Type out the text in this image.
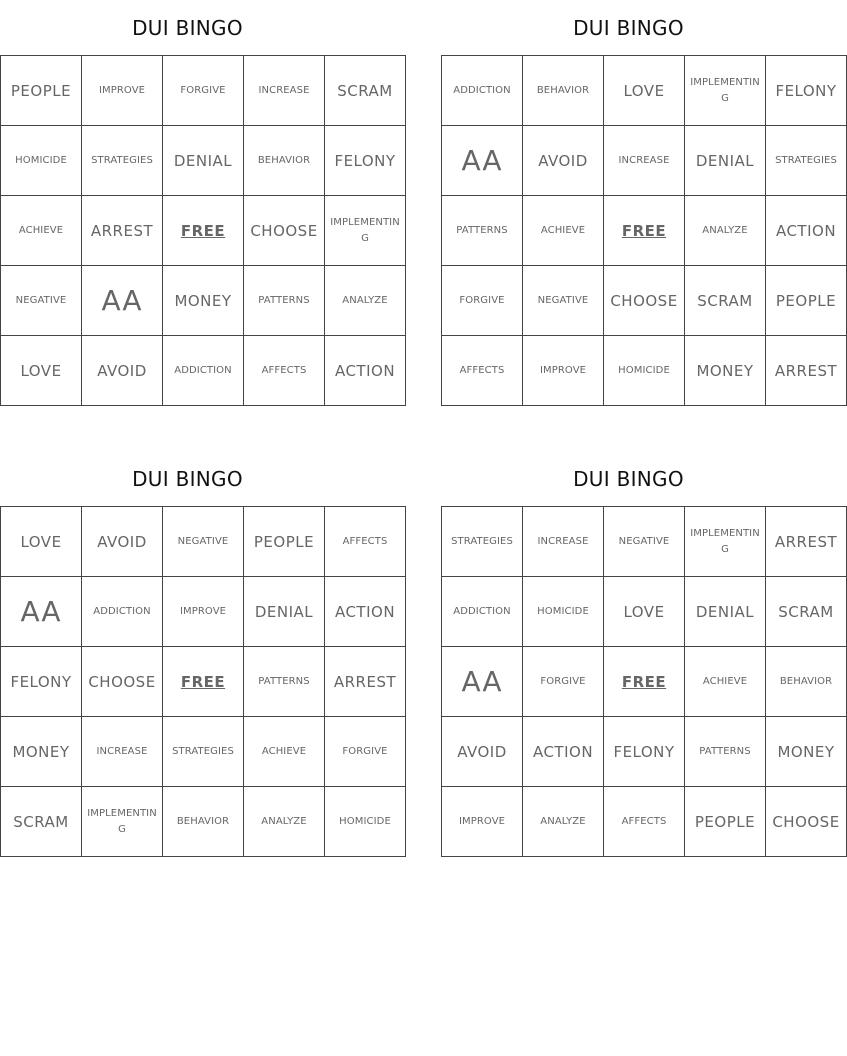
DUI BINGO
PEOPLE	IMPROVE	FORGIVE	INCREASE	SCRAM
HOMICIDE	STRATEGIES	DENIAL	BEHAVIOR	FELONY
ACHIEVE	ARREST	FREE	CHOOSE	IMPLEMENTING
NEGATIVE	AA	MONEY	PATTERNS	ANALYZE
LOVE	AVOID	ADDICTION	AFFECTS	ACTION
DUI BINGO
ADDICTION	BEHAVIOR	LOVE	IMPLEMENTING	FELONY
AA	AVOID	INCREASE	DENIAL	STRATEGIES
PATTERNS	ACHIEVE	FREE	ANALYZE	ACTION
FORGIVE	NEGATIVE	CHOOSE	SCRAM	PEOPLE
AFFECTS	IMPROVE	HOMICIDE	MONEY	ARREST
DUI BINGO
LOVE	AVOID	NEGATIVE	PEOPLE	AFFECTS
AA	ADDICTION	IMPROVE	DENIAL	ACTION
FELONY	CHOOSE	FREE	PATTERNS	ARREST
MONEY	INCREASE	STRATEGIES	ACHIEVE	FORGIVE
SCRAM	IMPLEMENTING	BEHAVIOR	ANALYZE	HOMICIDE
DUI BINGO
STRATEGIES	INCREASE	NEGATIVE	IMPLEMENTING	ARREST
ADDICTION	HOMICIDE	LOVE	DENIAL	SCRAM
AA	FORGIVE	FREE	ACHIEVE	BEHAVIOR
AVOID	ACTION	FELONY	PATTERNS	MONEY
IMPROVE	ANALYZE	AFFECTS	PEOPLE	CHOOSE
